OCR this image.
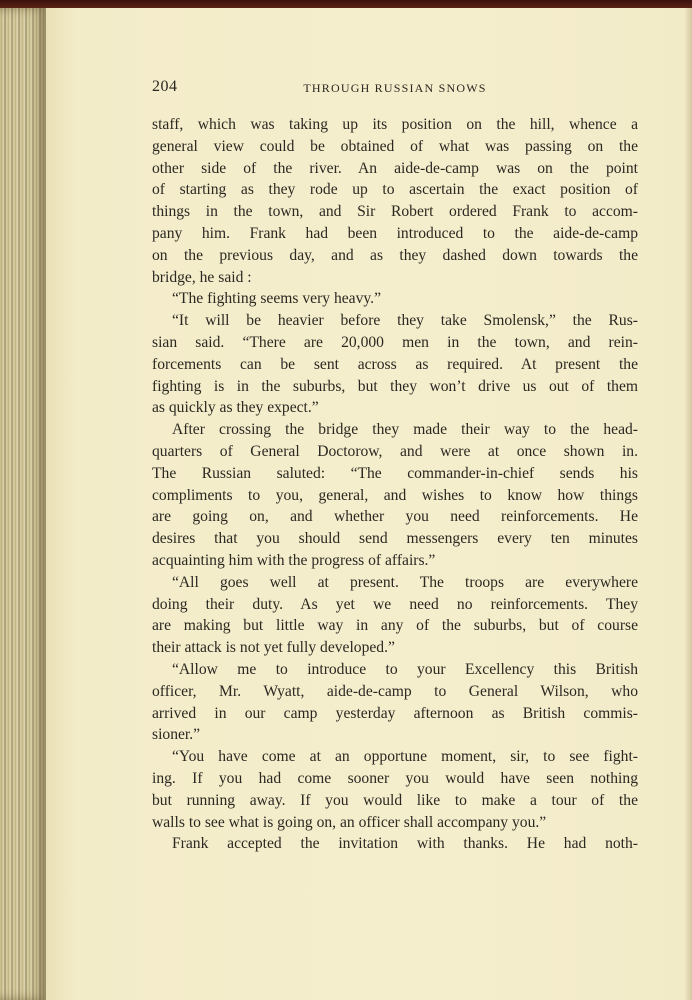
204	THROUGH RUSSIAN SNOWS
staff, which was taking up its position on the hill, whence a
general view could be obtained of what was passing on the
other side of the river. An aide-de-camp was on the point
of starting as they rode up to ascertain the exact position of
things in the town, and Sir Robert ordered Frank to accom-
pany him. Frank had been introduced to the aide-de-camp
on the previous day, and as they dashed down towards the
bridge, he said :
“The fighting seems very heavy.”
“It will be heavier before they take Smolensk,” the Rus-
sian said. “There are 20,000 men in the town, and rein-
forcements can be sent across as required. At present the
fighting is in the suburbs, but they won’t drive us out of them
as quickly as they expect.”
After crossing the bridge they made their way to the head-
quarters of General Doctorow, and were at once shown in.
The Russian saluted: “The commander-in-chief sends his
compliments to you, general, and wishes to know how things
are going on, and whether you need reinforcements. He
desires that you should send messengers every ten minutes
acquainting him with the progress of affairs.”
“All goes well at present. The troops are everywhere
doing their duty. As yet we need no reinforcements. They
are making but little way in any of the suburbs, but of course
their attack is not yet fully developed.”
“Allow me to introduce to your Excellency this British
officer, Mr. Wyatt, aide-de-camp to General Wilson, who
arrived in our camp yesterday afternoon as British commis-
sioner.”
“You have come at an opportune moment, sir, to see fight-
ing. If you had come sooner you would have seen nothing
but running away. If you would like to make a tour of the
walls to see what is going on, an officer shall accompany you.”
Frank accepted the invitation with thanks. He had noth-
